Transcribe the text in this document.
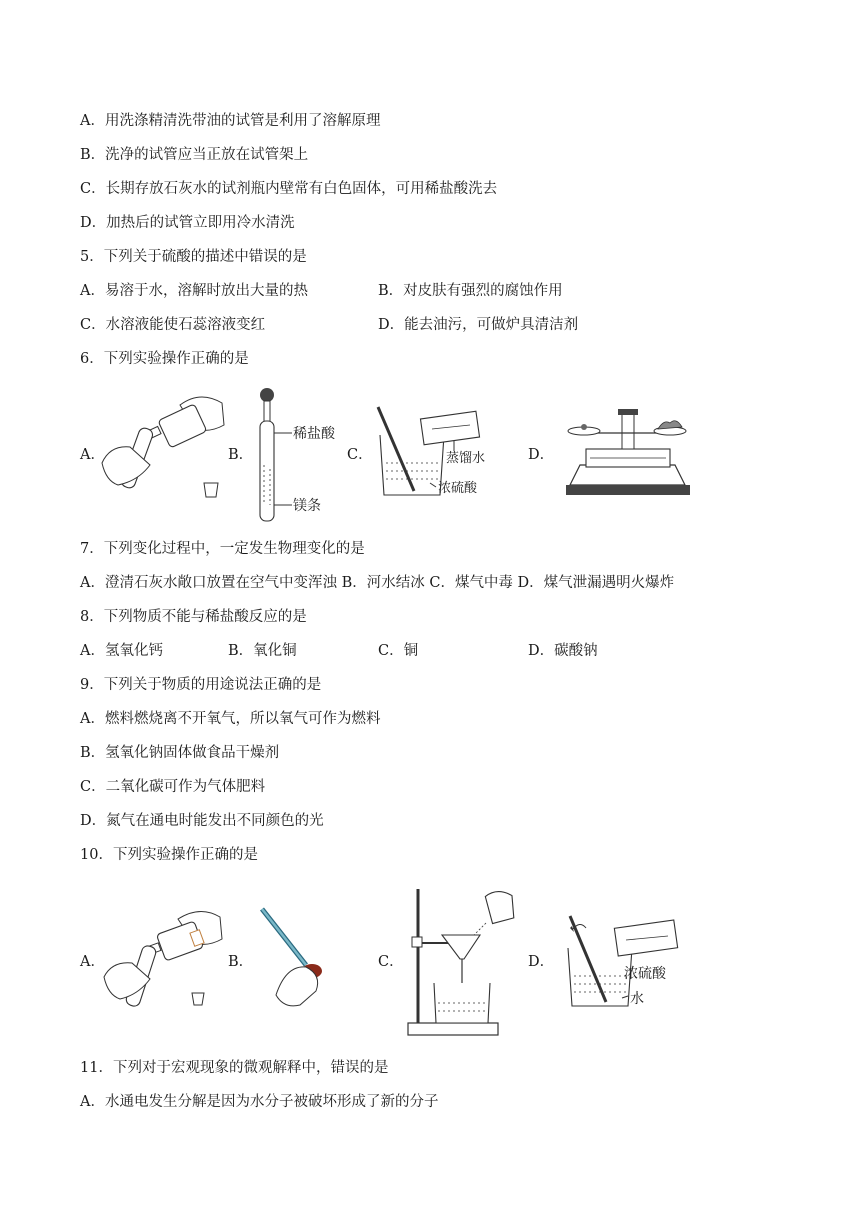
A．用洗涤精清洗带油的试管是利用了溶解原理
B．洗净的试管应当正放在试管架上
C．长期存放石灰水的试剂瓶内壁常有白色固体，可用稀盐酸洗去
D．加热后的试管立即用冷水清洗
5．下列关于硫酸的描述中错误的是
A．易溶于水，溶解时放出大量的热	B．对皮肤有强烈的腐蚀作用
C．水溶液能使石蕊溶液变红	D．能去油污，可做炉具清洁剂
6．下列实验操作正确的是
A．	B．
稀盐酸
镁条
C．	蒸馏水
浓硫酸
D．
7．下列变化过程中，一定发生物理变化的是
A．澄清石灰水敞口放置在空气中变浑浊 B．河水结冰 C．煤气中毒 D．煤气泄漏遇明火爆炸
8．下列物质不能与稀盐酸反应的是
A．氢氧化钙	B．氧化铜	C．铜	D．碳酸钠
9．下列关于物质的用途说法正确的是
A．燃料燃烧离不开氧气，所以氧气可作为燃料
B．氢氧化钠固体做食品干燥剂
C．二氧化碳可作为气体肥料
D．氮气在通电时能发出不同颜色的光
10．下列实验操作正确的是
A．	B．	C．	D．
浓硫酸
水
11．下列对于宏观现象的微观解释中，错误的是
A．水通电发生分解是因为水分子被破坏形成了新的分子
